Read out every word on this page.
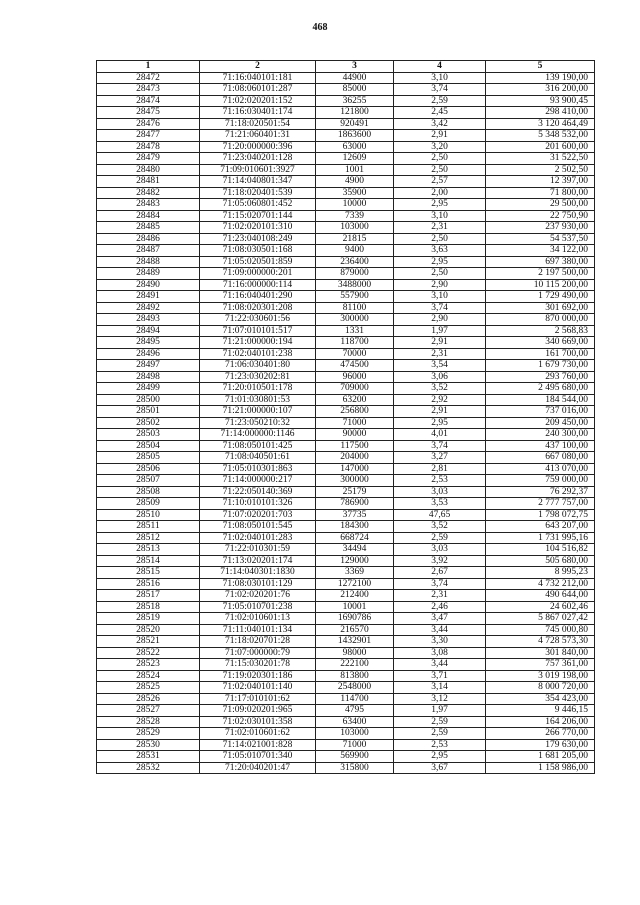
468
1	2	3	4	5
28472	71:16:040101:181	44900	3,10	139 190,00
28473	71:08:060101:287	85000	3,74	316 200,00
28474	71:02:020201:152	36255	2,59	93 900,45
28475	71:16:030401:174	121800	2,45	298 410,00
28476	71:18:020501:54	920491	3,42	3 120 464,49
28477	71:21:060401:31	1863600	2,91	5 348 532,00
28478	71:20:000000:396	63000	3,20	201 600,00
28479	71:23:040201:128	12609	2,50	31 522,50
28480	71:09:010601:3927	1001	2,50	2 502,50
28481	71:14:040801:347	4900	2,57	12 397,00
28482	71:18:020401:539	35900	2,00	71 800,00
28483	71:05:060801:452	10000	2,95	29 500,00
28484	71:15:020701:144	7339	3,10	22 750,90
28485	71:02:020101:310	103000	2,31	237 930,00
28486	71:23:040108:249	21815	2,50	54 537,50
28487	71:08:030501:168	9400	3,63	34 122,00
28488	71:05:020501:859	236400	2,95	697 380,00
28489	71:09:000000:201	879000	2,50	2 197 500,00
28490	71:16:000000:114	3488000	2,90	10 115 200,00
28491	71:16:040401:290	557900	3,10	1 729 490,00
28492	71:08:020301:208	81100	3,74	301 692,00
28493	71:22:030601:56	300000	2,90	870 000,00
28494	71:07:010101:517	1331	1,97	2 568,83
28495	71:21:000000:194	118700	2,91	340 669,00
28496	71:02:040101:238	70000	2,31	161 700,00
28497	71:06:030401:80	474500	3,54	1 679 730,00
28498	71:23:030202:81	96000	3,06	293 760,00
28499	71:20:010501:178	709000	3,52	2 495 680,00
28500	71:01:030801:53	63200	2,92	184 544,00
28501	71:21:000000:107	256800	2,91	737 016,00
28502	71:23:050210:32	71000	2,95	209 450,00
28503	71:14:000000:1146	90000	4,01	240 300,00
28504	71:08:050101:425	117500	3,74	437 100,00
28505	71:08:040501:61	204000	3,27	667 080,00
28506	71:05:010301:863	147000	2,81	413 070,00
28507	71:14:000000:217	300000	2,53	759 000,00
28508	71:22:050140:369	25179	3,03	76 292,37
28509	71:10:010101:326	786900	3,53	2 777 757,00
28510	71:07:020201:703	37735	47,65	1 798 072,75
28511	71:08:050101:545	184300	3,52	643 207,00
28512	71:02:040101:283	668724	2,59	1 731 995,16
28513	71:22:010301:59	34494	3,03	104 516,82
28514	71:13:020201:174	129000	3,92	505 680,00
28515	71:14:040301:1830	3369	2,67	8 995,23
28516	71:08:030101:129	1272100	3,74	4 732 212,00
28517	71:02:020201:76	212400	2,31	490 644,00
28518	71:05:010701:238	10001	2,46	24 602,46
28519	71:02:010601:13	1690786	3,47	5 867 027,42
28520	71:11:040101:134	216570	3,44	745 000,80
28521	71:18:020701:28	1432901	3,30	4 728 573,30
28522	71:07:000000:79	98000	3,08	301 840,00
28523	71:15:030201:78	222100	3,44	757 361,00
28524	71:19:020301:186	813800	3,71	3 019 198,00
28525	71:02:040101:140	2548000	3,14	8 000 720,00
28526	71:17:010101:62	114700	3,12	354 423,00
28527	71:09:020201:965	4795	1,97	9 446,15
28528	71:02:030101:358	63400	2,59	164 206,00
28529	71:02:010601:62	103000	2,59	266 770,00
28530	71:14:021001:828	71000	2,53	179 630,00
28531	71:05:010701:340	569900	2,95	1 681 205,00
28532	71:20:040201:47	315800	3,67	1 158 986,00
